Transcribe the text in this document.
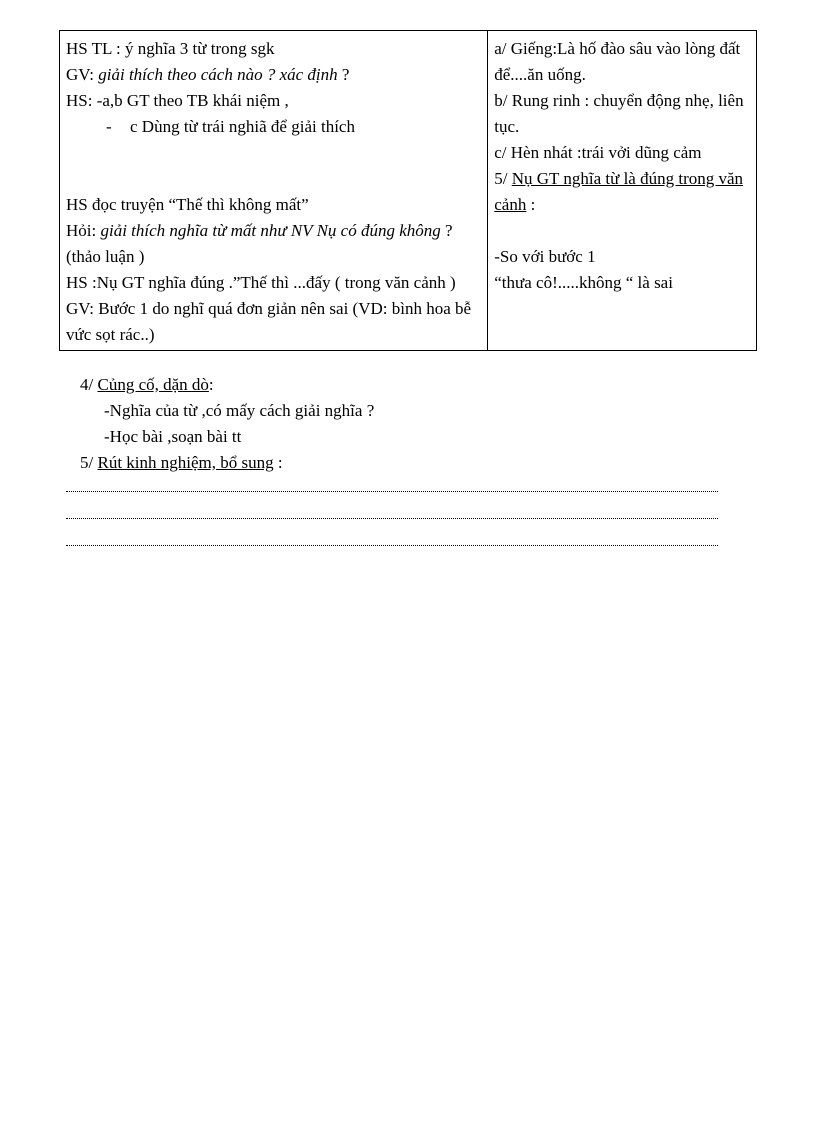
HS TL : ý nghĩa 3 từ trong sgk
GV: giải thích theo cách nào ? xác định ?
HS: -a,b GT theo TB khái niệm ,
- c Dùng từ trái nghiã để giải thích
HS đọc truyện “Thế thì không mất”
Hỏi: giải thích nghĩa từ mất như NV Nụ có đúng không ? (thảo luận )
HS :Nụ GT nghĩa đúng .”Thế thì ...đấy ( trong văn cảnh )
GV: Bước 1 do nghĩ quá đơn giản nên sai (VD: bình hoa bễ vức sọt rác..)

a/ Giếng:Là hố đào sâu vào lòng đất để....ăn uống.
b/ Rung rinh : chuyển động nhẹ, liên tục.
c/ Hèn nhát :trái vởi dũng cảm
5/ Nụ GT nghĩa từ là đúng trong văn cảnh :
-So với bước 1
“thưa cô!.....không “ là sai
4/ Củng cố, dặn dò:
-Nghĩa của từ ,có mấy cách giải nghĩa ?
-Học bài ,soạn bài tt
5/ Rút kinh nghiệm, bổ sung :
